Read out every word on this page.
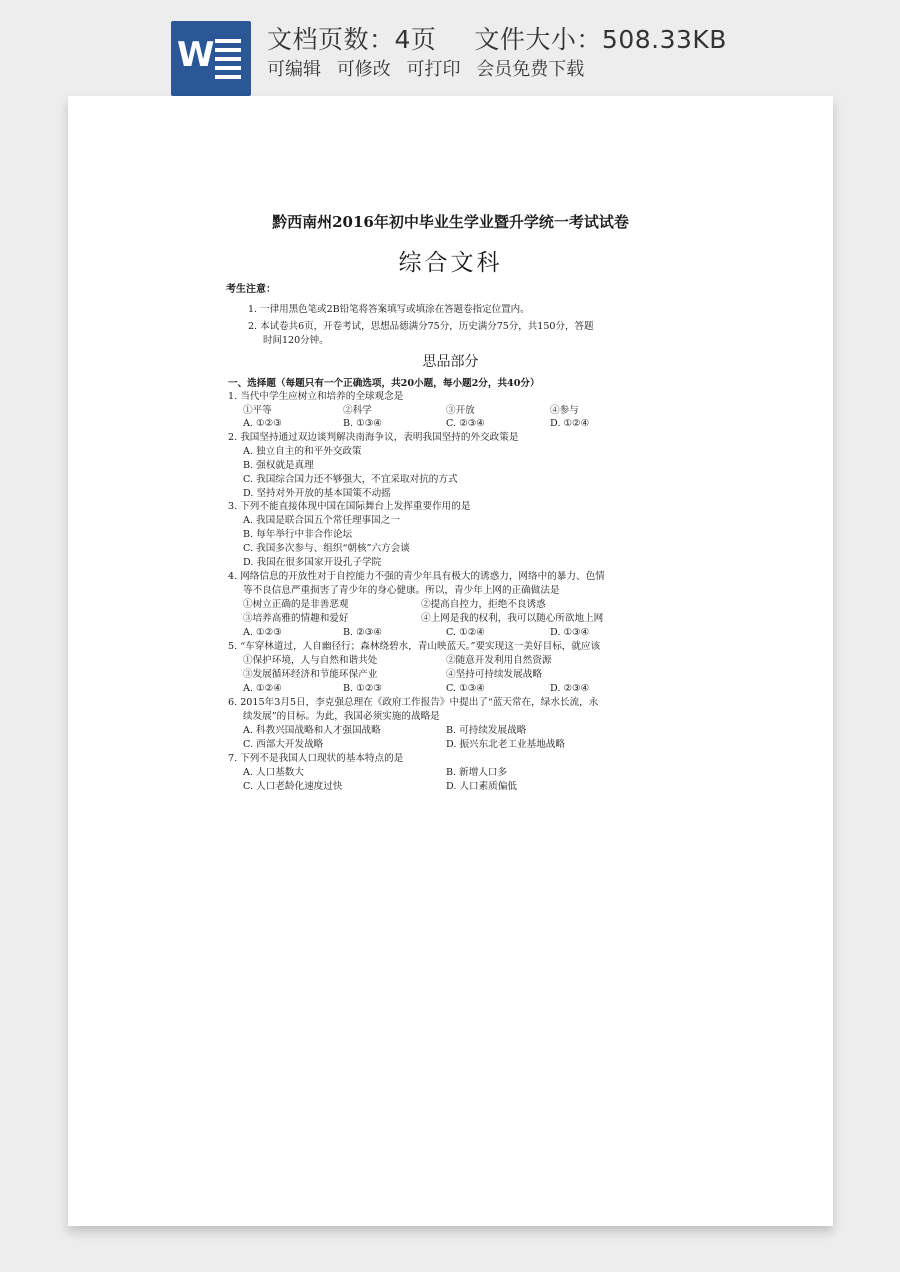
W 文档页数：4页 文件大小：508.33KB
可编辑 可修改 可打印 会员免费下载
黔西南州2016年初中毕业生学业暨升学统一考试试卷
综合文科
考生注意：
1. 一律用黑色笔或2B铅笔将答案填写或填涂在答题卷指定位置内。
2. 本试卷共6页，开卷考试，思想品德满分75分，历史满分75分，共150分，答题
时间120分钟。
思品部分
一、选择题（每题只有一个正确选项，共20小题，每小题2分，共40分）
1. 当代中学生应树立和培养的全球观念是
①平等	②科学	③开放	④参与
A. ①②③	B. ①③④	C. ②③④	D. ①②④
2. 我国坚持通过双边谈判解决南海争议，表明我国坚持的外交政策是
A. 独立自主的和平外交政策
B. 强权就是真理
C. 我国综合国力还不够强大，不宜采取对抗的方式
D. 坚持对外开放的基本国策不动摇
3. 下列不能直接体现中国在国际舞台上发挥重要作用的是
A. 我国是联合国五个常任理事国之一
B. 每年举行中非合作论坛
C. 我国多次参与、组织“朝核”六方会谈
D. 我国在很多国家开设孔子学院
4. 网络信息的开放性对于自控能力不强的青少年具有极大的诱惑力，网络中的暴力、色情
等不良信息严重损害了青少年的身心健康。所以，青少年上网的正确做法是
①树立正确的是非善恶观	②提高自控力，拒绝不良诱惑
③培养高雅的情趣和爱好	④上网是我的权利，我可以随心所欲地上网
A. ①②③	B. ②③④	C. ①②④	D. ①③④
5. “车穿林道过，人自幽径行；森林绕碧水，青山映蓝天。”要实现这一美好目标，就应该
①保护环境，人与自然和谐共处	②随意开发利用自然资源
③发展循环经济和节能环保产业	④坚持可持续发展战略
A. ①②④	B. ①②③	C. ①③④	D. ②③④
6. 2015年3月5日，李克强总理在《政府工作报告》中提出了“蓝天常在，绿水长流，永
续发展”的目标。为此，我国必须实施的战略是
A. 科教兴国战略和人才强国战略	B. 可持续发展战略
C. 西部大开发战略	D. 振兴东北老工业基地战略
7. 下列不是我国人口现状的基本特点的是
A. 人口基数大	B. 新增人口多
C. 人口老龄化速度过快	D. 人口素质偏低
